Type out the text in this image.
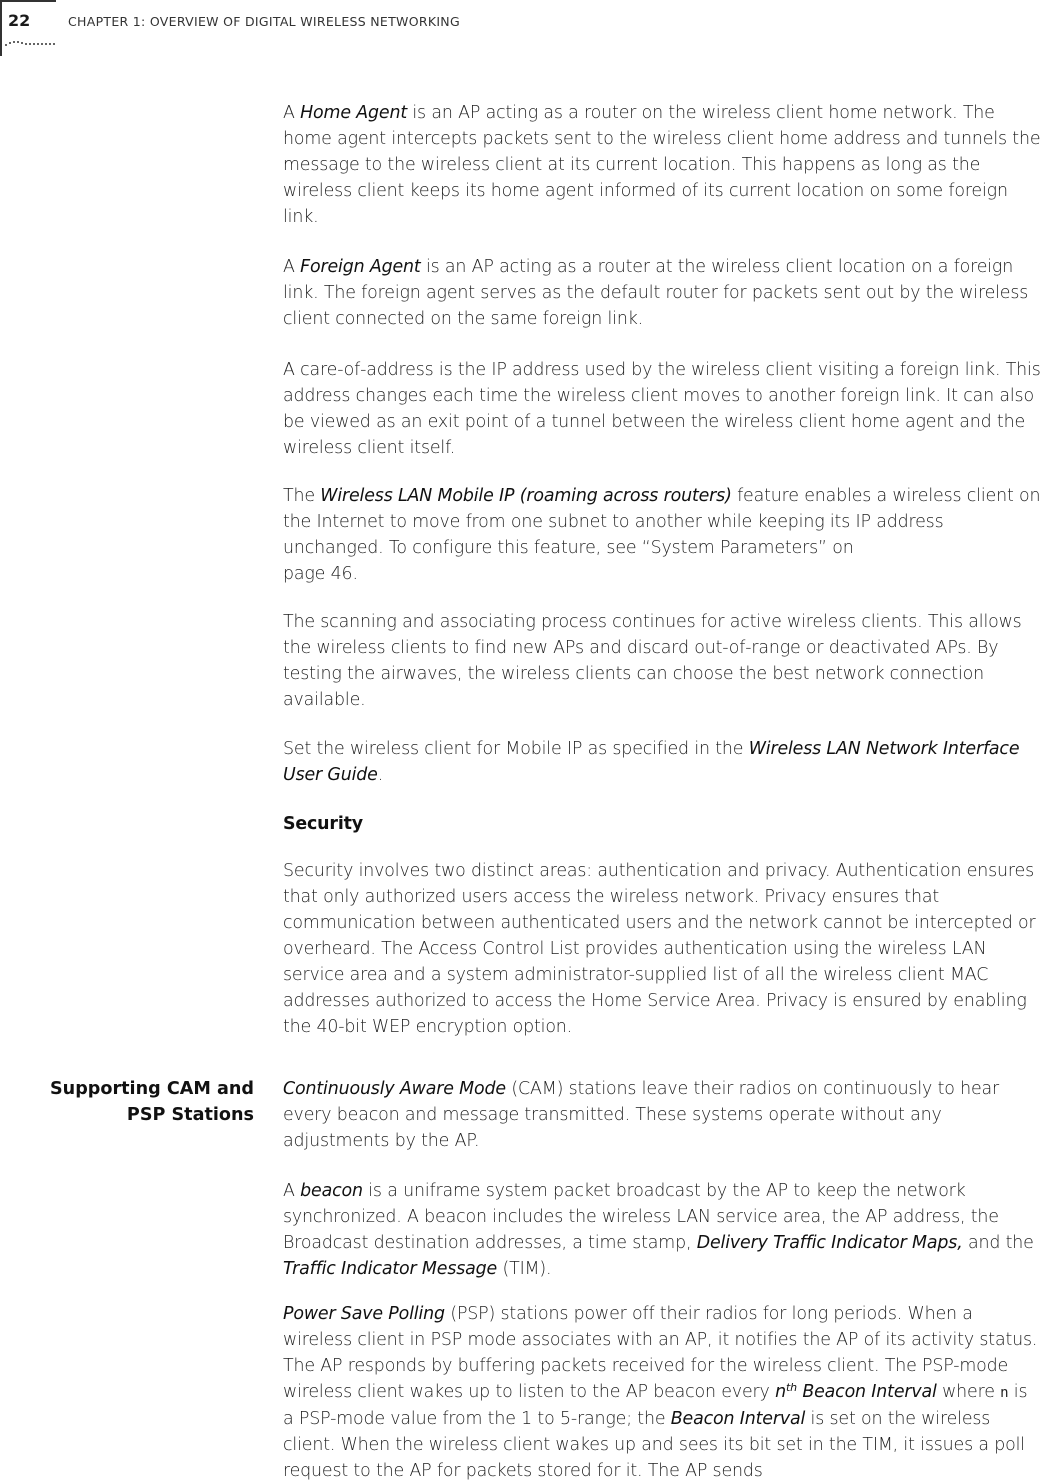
22	CHAPTER 1: OVERVIEW OF DIGITAL WIRELESS NETWORKING

A Home Agent is an AP acting as a router on the wireless client home network. The home agent intercepts packets sent to the wireless client home address and tunnels the message to the wireless client at its current location. This happens as long as the wireless client keeps its home agent informed of its current location on some foreign link.

A Foreign Agent is an AP acting as a router at the wireless client location on a foreign link. The foreign agent serves as the default router for packets sent out by the wireless client connected on the same foreign link.

A care-of-address is the IP address used by the wireless client visiting a foreign link. This address changes each time the wireless client moves to another foreign link. It can also be viewed as an exit point of a tunnel between the wireless client home agent and the wireless client itself.

The Wireless LAN Mobile IP (roaming across routers) feature enables a wireless client on the Internet to move from one subnet to another while keeping its IP address unchanged. To configure this feature, see “System Parameters” on
page 46.

The scanning and associating process continues for active wireless clients. This allows the wireless clients to find new APs and discard out-of-range or deactivated APs. By testing the airwaves, the wireless clients can choose the best network connection available.

Set the wireless client for Mobile IP as specified in the Wireless LAN Network Interface User Guide.

Security

Security involves two distinct areas: authentication and privacy. Authentication ensures that only authorized users access the wireless network. Privacy ensures that communication between authenticated users and the network cannot be intercepted or overheard. The Access Control List provides authentication using the wireless LAN service area and a system administrator-supplied list of all the wireless client MAC addresses authorized to access the Home Service Area. Privacy is ensured by enabling the 40-bit WEP encryption option.

Continuously Aware Mode (CAM) stations leave their radios on continuously to hear every beacon and message transmitted. These systems operate without any adjustments by the AP.

A beacon is a uniframe system packet broadcast by the AP to keep the network synchronized. A beacon includes the wireless LAN service area, the AP address, the Broadcast destination addresses, a time stamp, Delivery Traffic Indicator Maps, and the Traffic Indicator Message (TIM).

Power Save Polling (PSP) stations power off their radios for long periods. When a wireless client in PSP mode associates with an AP, it notifies the AP of its activity status. The AP responds by buffering packets received for the wireless client. The PSP-mode wireless client wakes up to listen to the AP beacon every $n^{th}$ Beacon Interval where n is a PSP-mode value from the 1 to 5-range; the Beacon Interval is set on the wireless client. When the wireless client wakes up and sees its bit set in the TIM, it issues a poll request to the AP for packets stored for it. The AP sends

Supporting CAM and
PSP Stations
